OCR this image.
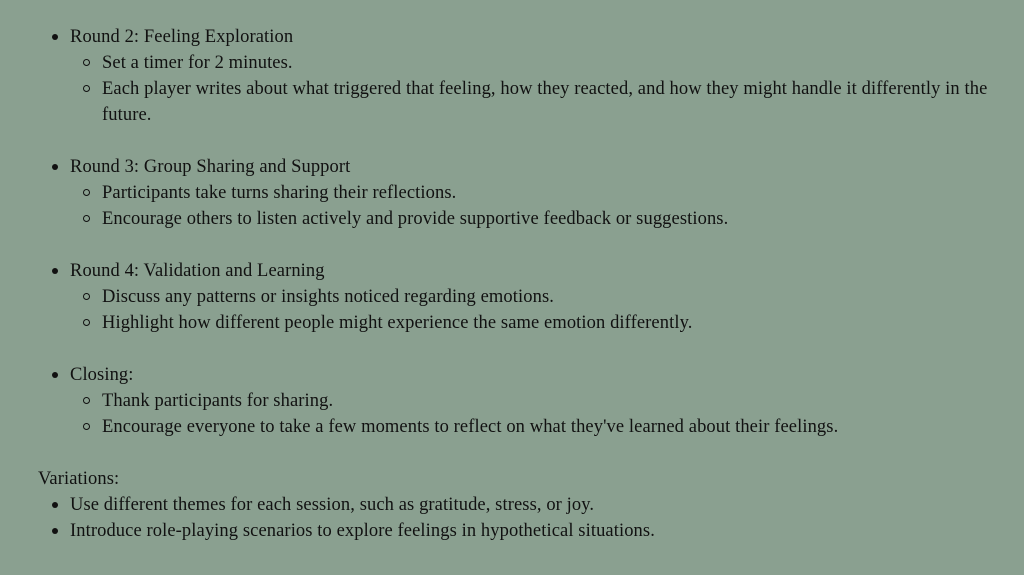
Round 2: Feeling Exploration
Set a timer for 2 minutes.
Each player writes about what triggered that feeling, how they reacted, and how they might handle it differently in the future.
Round 3: Group Sharing and Support
Participants take turns sharing their reflections.
Encourage others to listen actively and provide supportive feedback or suggestions.
Round 4: Validation and Learning
Discuss any patterns or insights noticed regarding emotions.
Highlight how different people might experience the same emotion differently.
Closing:
Thank participants for sharing.
Encourage everyone to take a few moments to reflect on what they've learned about their feelings.
Variations:
Use different themes for each session, such as gratitude, stress, or joy.
Introduce role-playing scenarios to explore feelings in hypothetical situations.
